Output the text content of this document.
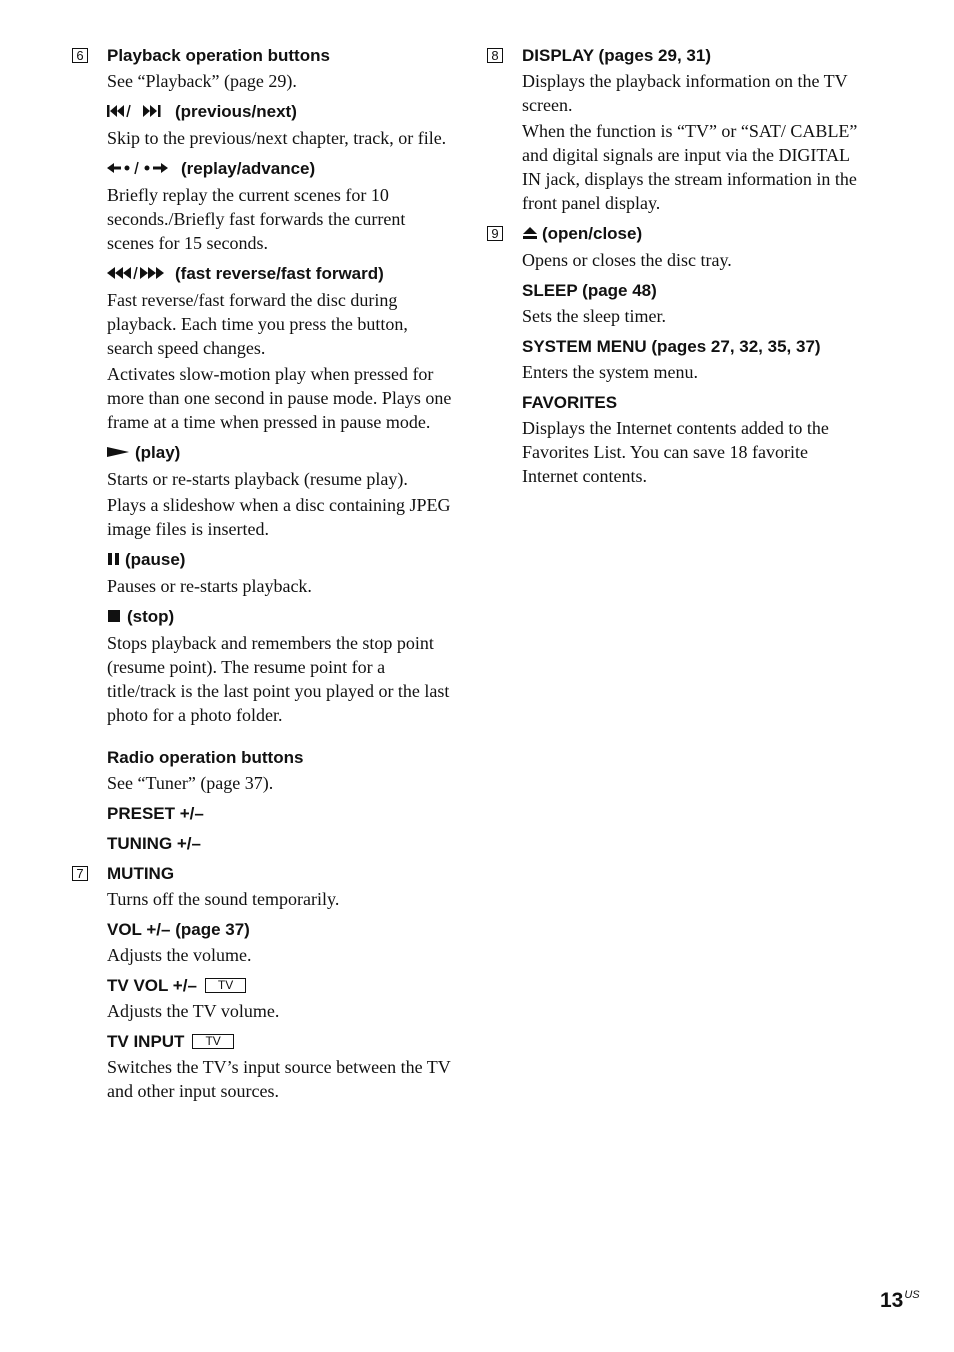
6 Playback operation buttons
See “Playback” (page 29).
(previous/next)
Skip to the previous/next chapter, track, or file.
(replay/advance)
Briefly replay the current scenes for 10 seconds./Briefly fast forwards the current scenes for 15 seconds.
(fast reverse/fast forward)
Fast reverse/fast forward the disc during playback. Each time you press the button, search speed changes.
Activates slow-motion play when pressed for more than one second in pause mode. Plays one frame at a time when pressed in pause mode.
(play)
Starts or re-starts playback (resume play).
Plays a slideshow when a disc containing JPEG image files is inserted.
(pause)
Pauses or re-starts playback.
(stop)
Stops playback and remembers the stop point (resume point). The resume point for a title/track is the last point you played or the last photo for a photo folder.
Radio operation buttons
See “Tuner” (page 37).
PRESET +/–
TUNING +/–
7 MUTING
Turns off the sound temporarily.
VOL +/– (page 37)
Adjusts the volume.
TV VOL +/– TV
Adjusts the TV volume.
TV INPUT TV
Switches the TV’s input source between the TV and other input sources.
8 DISPLAY (pages 29, 31)
Displays the playback information on the TV screen.
When the function is “TV” or “SAT/ CABLE” and digital signals are input via the DIGITAL IN jack, displays the stream information in the front panel display.
9	(open/close)
Opens or closes the disc tray.
SLEEP (page 48)
Sets the sleep timer.
SYSTEM MENU (pages 27, 32, 35, 37)
Enters the system menu.
FAVORITES
Displays the Internet contents added to the Favorites List. You can save 18 favorite Internet contents.
$13^{US}$
